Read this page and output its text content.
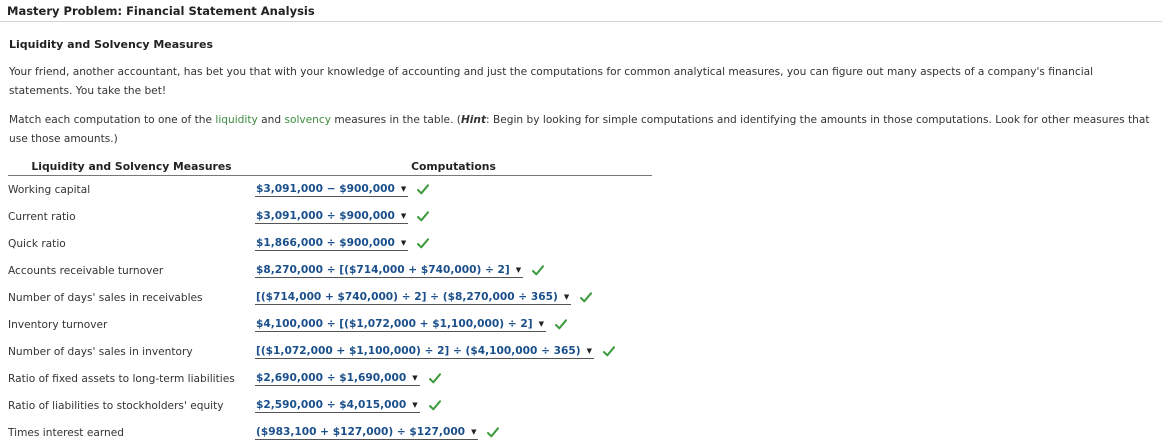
Mastery Problem: Financial Statement Analysis
Liquidity and Solvency Measures
Your friend, another accountant, has bet you that with your knowledge of accounting and just the computations for common analytical measures, you can figure out many aspects of a company's financial statements. You take the bet!
Match each computation to one of the liquidity and solvency measures in the table. (Hint: Begin by looking for simple computations and identifying the amounts in those computations. Look for other measures that use those amounts.)
Liquidity and Solvency Measures	Computations
Working capital	$3,091,000 − $900,000 ▼

Current ratio	$3,091,000 ÷ $900,000 ▼

Quick ratio	$1,866,000 ÷ $900,000 ▼

Accounts receivable turnover	$8,270,000 ÷ [($714,000 + $740,000) ÷ 2] ▼

Number of days' sales in receivables	[($714,000 + $740,000) ÷ 2] ÷ ($8,270,000 ÷ 365) ▼

Inventory turnover	$4,100,000 ÷ [($1,072,000 + $1,100,000) ÷ 2] ▼

Number of days' sales in inventory	[($1,072,000 + $1,100,000) ÷ 2] ÷ ($4,100,000 ÷ 365) ▼

Ratio of fixed assets to long-term liabilities	$2,690,000 ÷ $1,690,000 ▼

Ratio of liabilities to stockholders' equity	$2,590,000 ÷ $4,015,000 ▼

Times interest earned	($983,100 + $127,000) ÷ $127,000 ▼
